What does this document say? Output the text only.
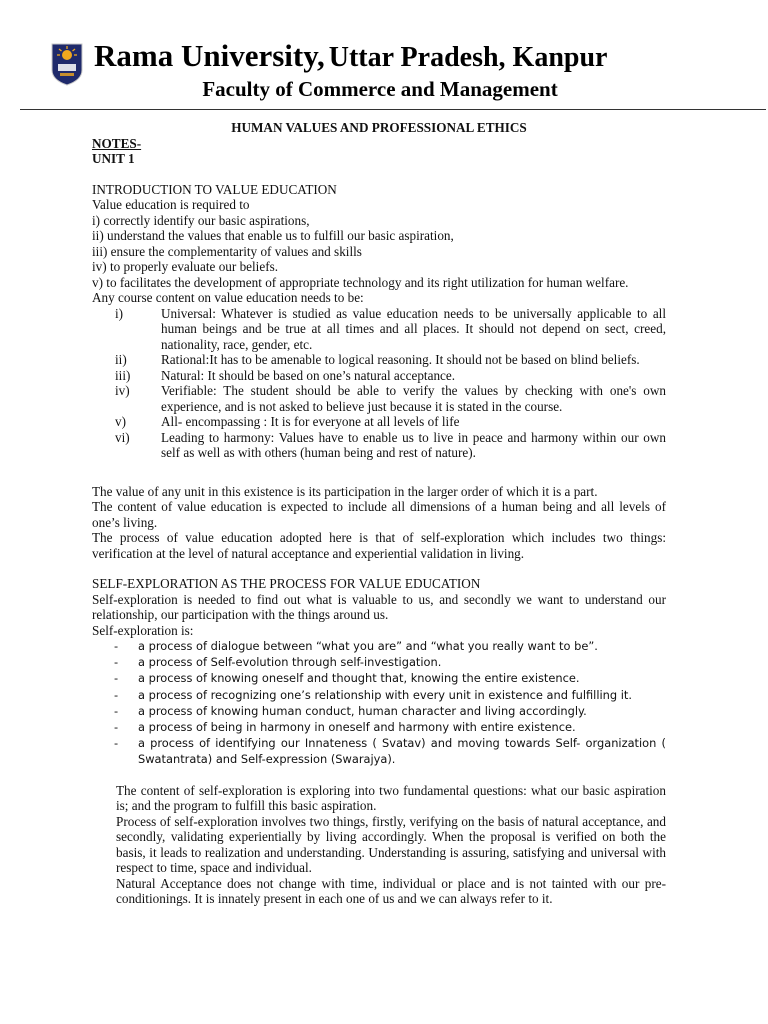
Rama University, Uttar Pradesh, Kanpur
Faculty of Commerce and Management
HUMAN VALUES AND PROFESSIONAL ETHICS
NOTES-
UNIT 1
INTRODUCTION TO VALUE EDUCATION
Value education is required to
i) correctly identify our basic aspirations,
ii) understand the values that enable us to fulfill our basic aspiration,
iii) ensure the complementarity of values and skills
iv) to properly evaluate our beliefs.
v) to facilitates the development of appropriate technology and its right utilization for human welfare.
Any course content on value education needs to be:
i)	Universal: Whatever is studied as value education needs to be universally applicable to all human beings and be true at all times and all places. It should not depend on sect, creed, nationality, race, gender, etc.
ii)	Rational:It has to be amenable to logical reasoning. It should not be based on blind beliefs.
iii)	Natural: It should be based on one’s natural acceptance.
iv)	Verifiable: The student should be able to verify the values by checking with one's own experience, and is not asked to believe just because it is stated in the course.
v)	All- encompassing : It is for everyone at all levels of life
vi)	Leading to harmony: Values have to enable us to live in peace and harmony within our own self as well as with others (human being and rest of nature).
The value of any unit in this existence is its participation in the larger order of which it is a part.
The content of value education is expected to include all dimensions of a human being and all levels of one’s living.
The process of value education adopted here is that of self-exploration which includes two things: verification at the level of natural acceptance and experiential validation in living.
SELF-EXPLORATION AS THE PROCESS FOR VALUE EDUCATION
Self-exploration is needed to find out what is valuable to us, and secondly we want to understand our relationship, our participation with the things around us.
Self-exploration is:
-	a process of dialogue between “what you are” and “what you really want to be”.
-	a process of Self-evolution through self-investigation.
-	a process of knowing oneself and thought that, knowing the entire existence.
-	a process of recognizing one’s relationship with every unit in existence and fulfilling it.
-	a process of knowing human conduct, human character and living accordingly.
-	a process of being in harmony in oneself and harmony with entire existence.
-	a process of identifying our Innateness ( Svatav) and moving towards Self- organization ( Swatantrata) and Self-expression (Swarajya).
The content of self-exploration is exploring into two fundamental questions: what our basic aspiration is; and the program to fulfill this basic aspiration.
Process of self-exploration involves two things, firstly, verifying on the basis of natural acceptance, and secondly, validating experientially by living accordingly. When the proposal is verified on both the basis, it leads to realization and understanding. Understanding is assuring, satisfying and universal with respect to time, space and individual.
Natural Acceptance does not change with time, individual or place and is not tainted with our pre- conditionings. It is innately present in each one of us and we can always refer to it.
